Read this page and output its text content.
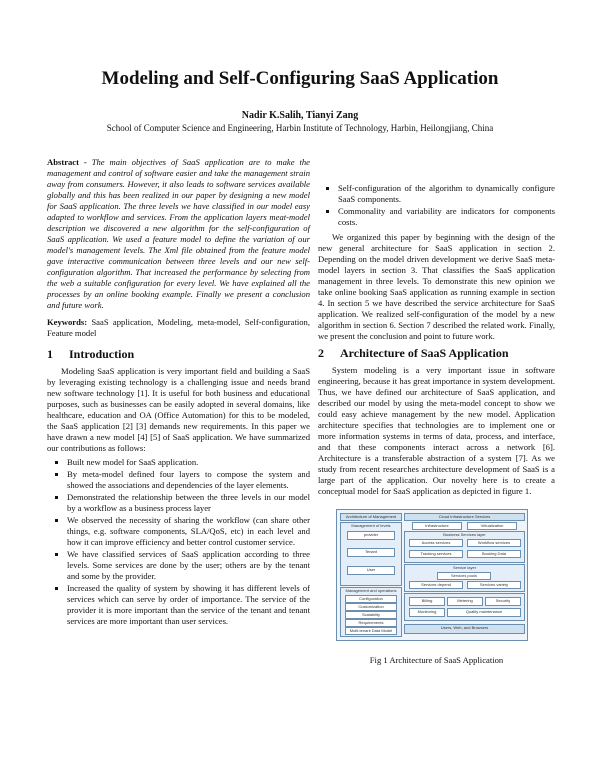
Modeling and Self-Configuring SaaS Application
Nadir K.Salih, Tianyi Zang
School of Computer Science and Engineering, Harbin Institute of Technology, Harbin, Heilongjiang, China

Abstract - The main objectives of SaaS application are to make the management and control of software easier and take the management strain away from consumers. However, it also leads to software services available globally and this has been realized in our paper by designing a new model for SaaS application. The three levels we have classified in our model easy adapted to workflow and services. From the application layers meat-model description we discovered a new algorithm for the self-configuration of SaaS application. We used a feature model to define the variation of our model's management levels. The Xml file obtained from the feature model gave interactive communication between three levels and our new self-configuration algorithm. That increased the performance by selecting from the web a suitable configuration for every level. We have explained all the processes by an online booking example. Finally we present a conclusion and future work.

Keywords: SaaS application, Modeling, meta-model, Self-configuration, Feature model

1 Introduction

Modeling SaaS application is very important field and building a SaaS by leveraging existing technology is a challenging issue and needs brand new software technology [1]. It is useful for both business and educational purposes, such as businesses can be easily adopted in several domains, like healthcare, education and OA (Office Automation) for this to be modeled, the SaaS application [2] [3] demands new requirements. In this paper we have drawn a new model [4] [5] of SaaS application. We have summarized our contributions as follows:

▪ Built new model for SaaS application.
▪ By meta-model defined four layers to compose the system and showed the associations and dependencies of the layer elements.
▪ Demonstrated the relationship between the three levels in our model by a workflow as a business process layer
▪ We observed the necessity of sharing the workflow (can share other things, e.g. software components, SLA/QoS, etc) in each level and how it can improve efficiency and better control customer service.
▪ We have classified services of SaaS application according to three levels. Some services are done by the user; others are by the tenant and some by the provider.
▪ Increased the quality of system by showing it has different levels of services which can serve by order of importance. The service of the provider it is more important than the service of the tenant and tenant services are more important than user services.
▪ Self-configuration of the algorithm to dynamically configure SaaS components.
▪ Commonality and variability are indicators for components costs.

We organized this paper by beginning with the design of the new general architecture for SaaS application in section 2. Depending on the model driven development we derive SaaS meta-model layers in section 3. That classifies the SaaS application management in three levels. To demonstrate this new opinion we take online booking SaaS application as running example in section 4. In section 5 we have described the service architecture for SaaS application. We realized self-configuration of the model by a new algorithm in section 6. Section 7 described the related work. Finally, we present the conclusion and point to future work.

2 Architecture of SaaS Application

System modeling is a very important issue in software engineering, because it has great importance in system development. Thus, we have defined our architecture of SaaS application, and described our model by using the meta-model concept to show we could easy achieve management by the new model. Application architecture specifies that technologies are to implement one or more information systems in terms of data, process, and interface, and that these components interact across a network [6]. Architecture is a transferable abstraction of a system [7]. As we study from recent researches architecture development of SaaS is a large part of the application. Our novelty here is to create a conceptual model for SaaS application as depicted in figure 1.

Architecture of Management
Management of levels
provider
Tenant
User
Management and operations
Configuration
Customization
Scalability
Requirements
Multi-tenant Data Model
Cloud Infrastructure Services
Infrastructure	Virtualization
Business Services layer
Access services	Workflow services
Tracking services	Booking Data
Service layer
Services pools
Services depend	Services variety
Billing	Metering	Security
Monitoring	Quality maintenance
Users, Web, and Browsers
Fig 1 Architecture of SaaS Application
